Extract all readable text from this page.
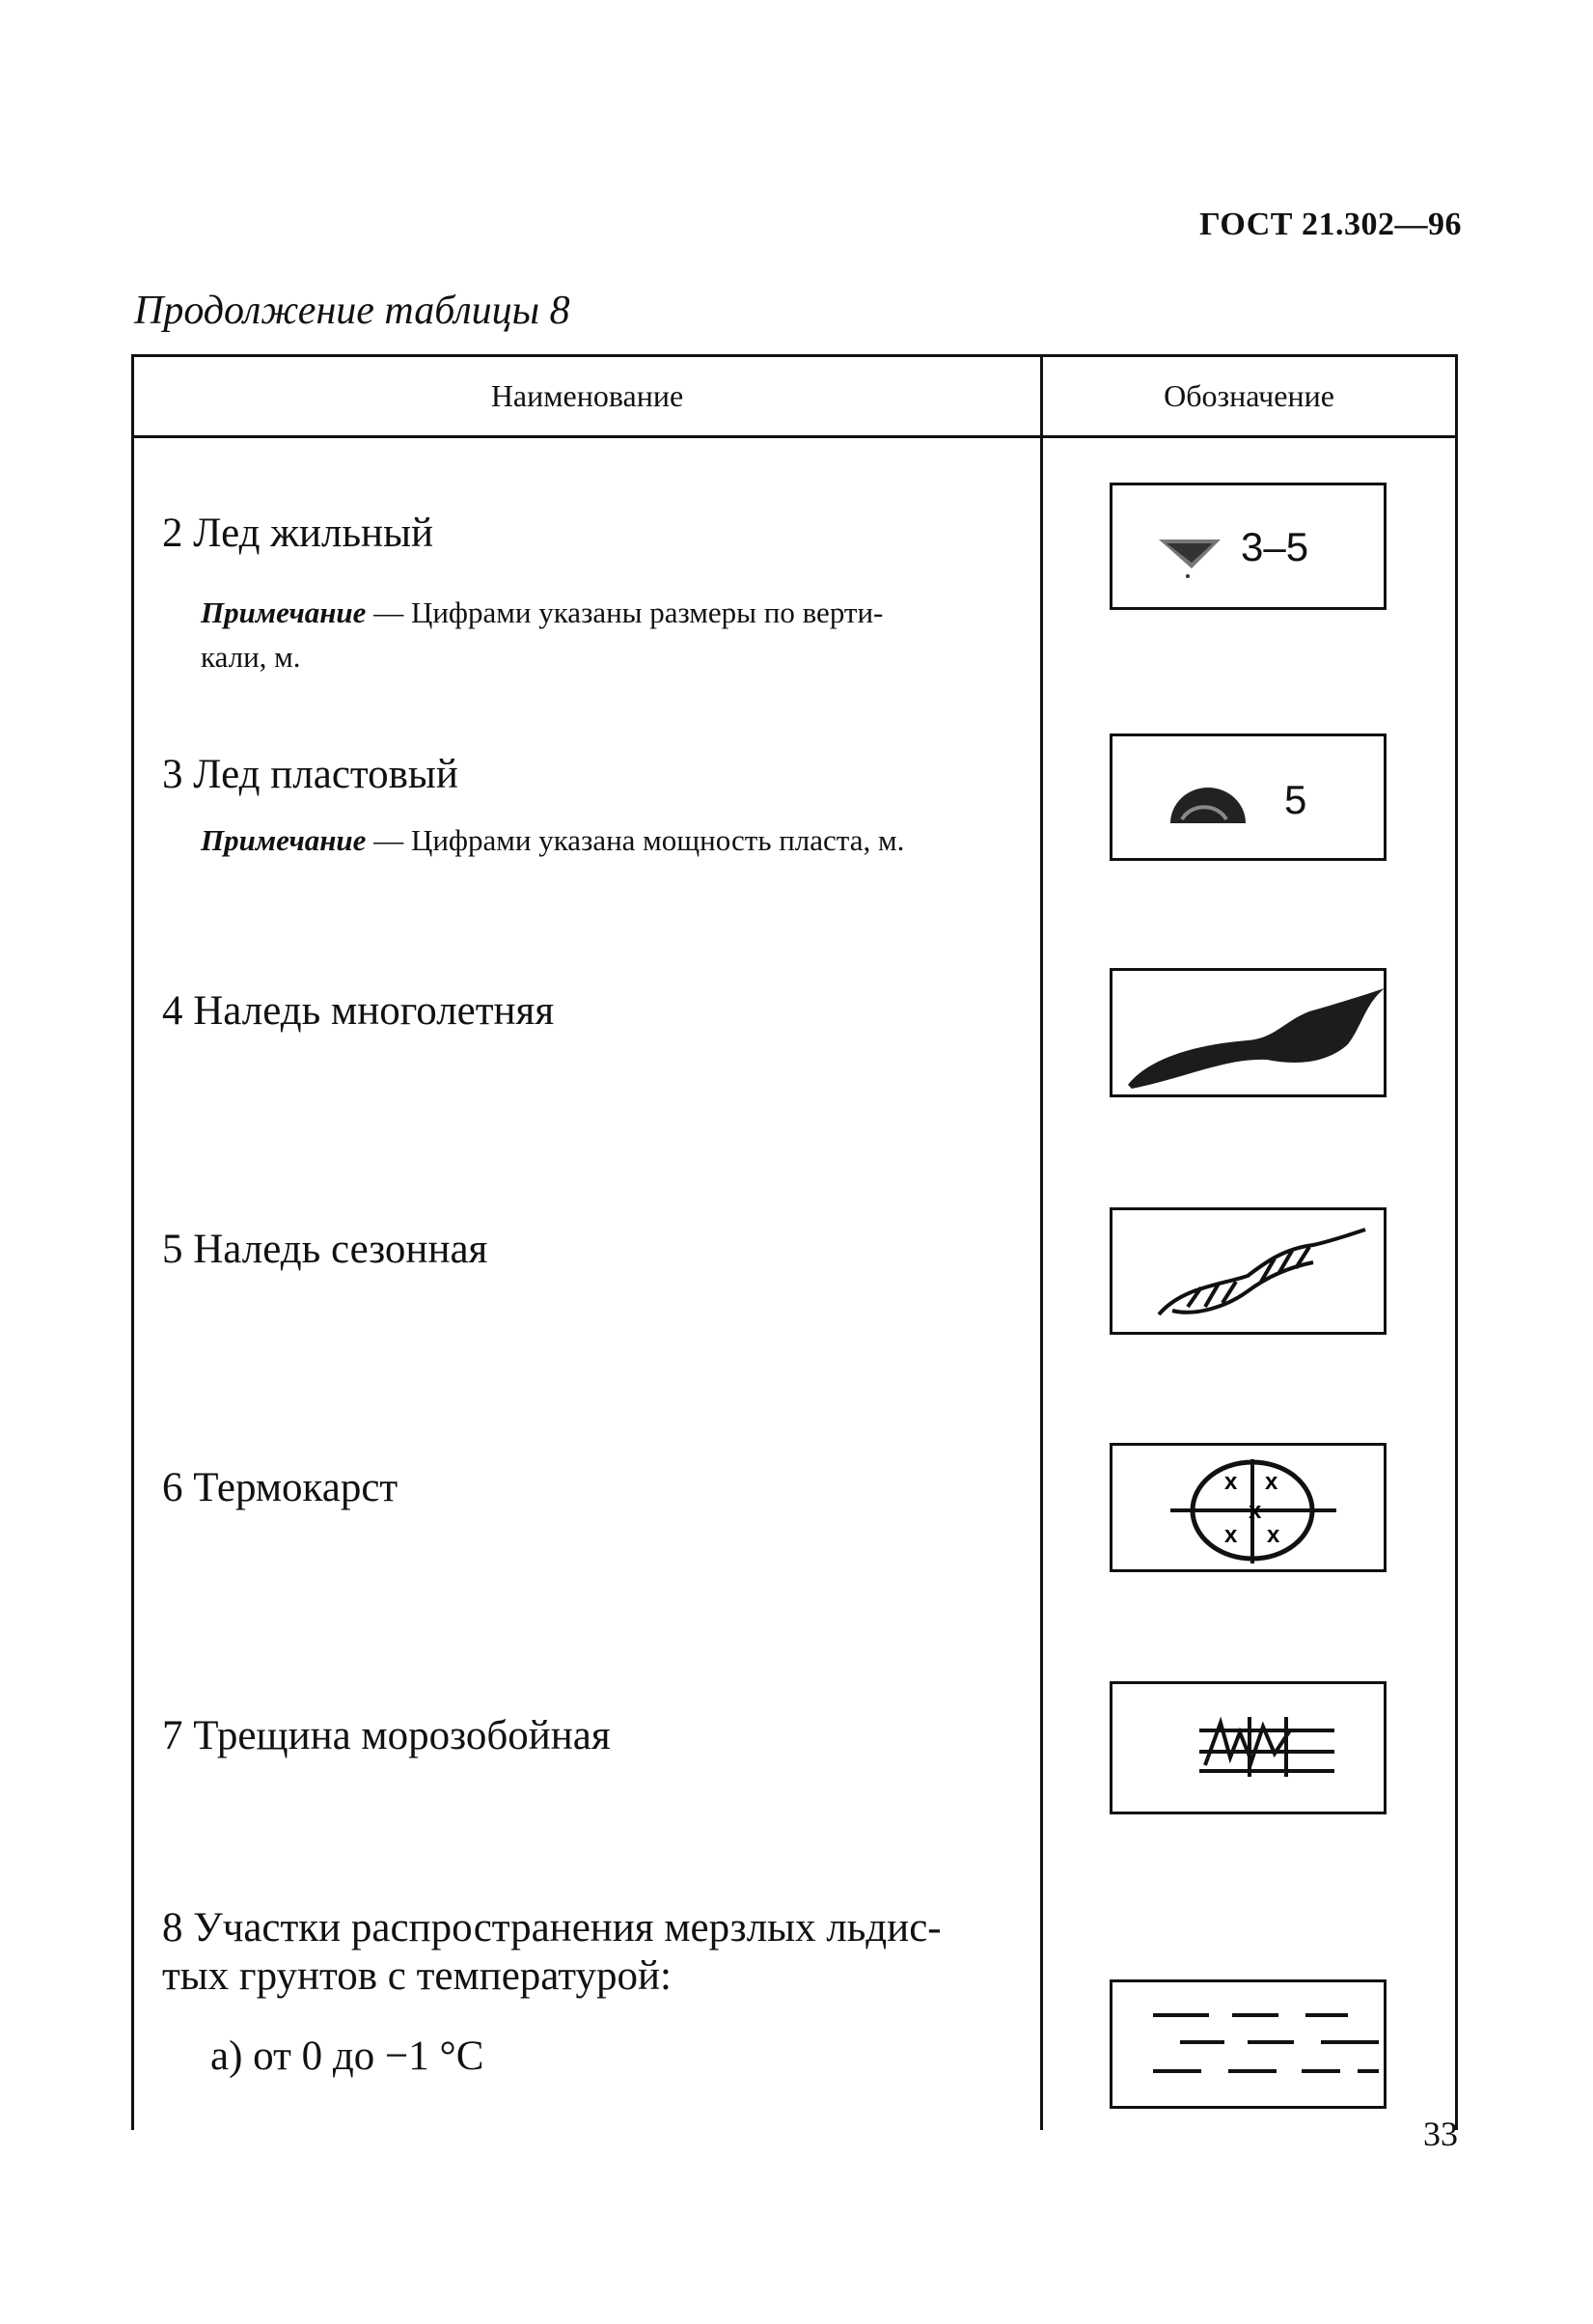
ГОСТ 21.302—96
Продолжение таблицы 8
Наименование	Обозначение
2 Лед жильный
Примечание — Цифрами указаны размеры по верти-
кали, м.
3–5
3 Лед пластовый
Примечание — Цифрами указана мощность пласта, м.
5
4 Наледь многолетняя
5 Наледь сезонная
6 Термокарст	x x
x
x x
7 Трещина морозобойная
8 Участки распространения мерзлых льдис-
тых грунтов с температурой:
а) от 0 до −1 °С
33
